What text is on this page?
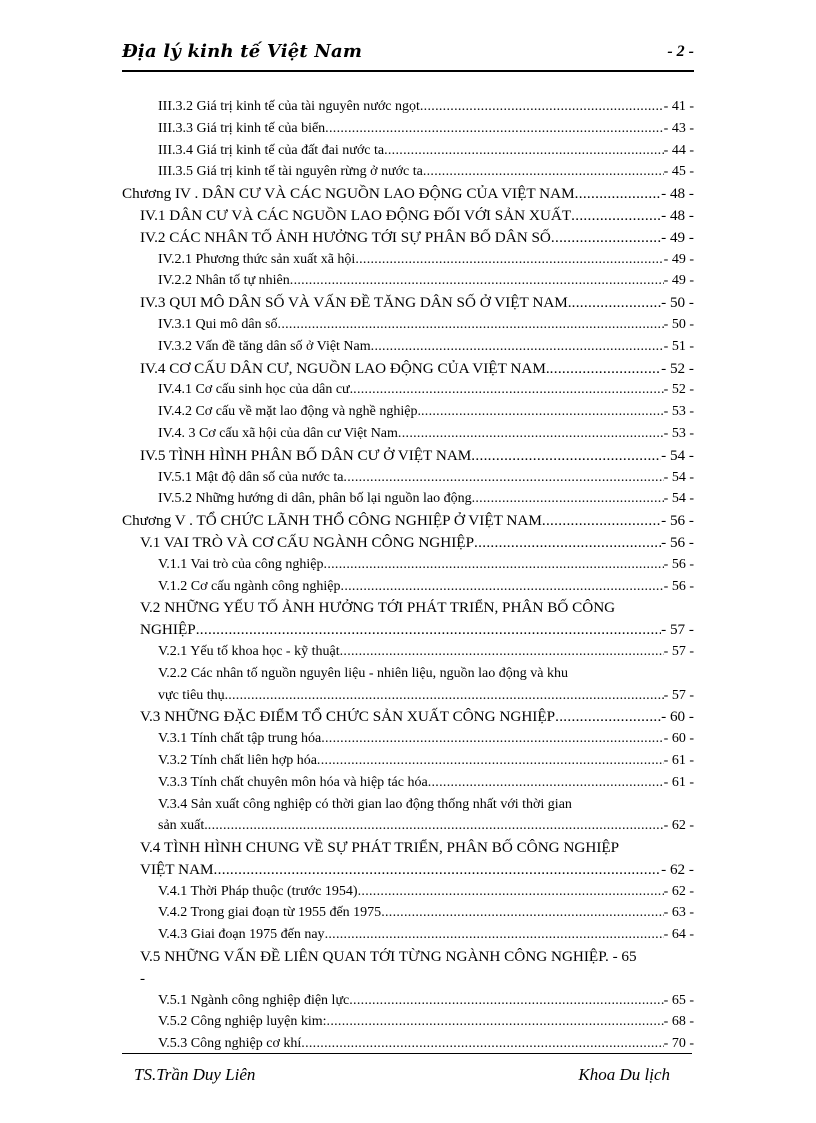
Địa lý kinh tế Việt Nam	- 2 -
III.3.2 Giá trị kinh tế của tài nguyên nước ngọt .....	- 41 -
III.3.3 Giá trị kinh tế của biển .....	- 43 -
III.3.4 Giá trị kinh tế của đất đai nước ta .....	- 44 -
III.3.5 Giá trị kinh tế tài nguyên rừng ở nước ta .....	- 45 -
Chương IV . DÂN CƯ VÀ CÁC NGUỒN LAO ĐỘNG CỦA VIỆT NAM .....	- 48 -
IV.1 DÂN CƯ VÀ CÁC NGUỒN LAO ĐỘNG ĐỐI VỚI SẢN XUẤT .....	- 48 -
IV.2 CÁC NHÂN TỐ ẢNH HƯỞNG TỚI SỰ PHÂN BỐ DÂN SỐ .....	- 49 -
IV.2.1 Phương thức sản xuất xã hội .....	- 49 -
IV.2.2 Nhân tố tự nhiên .....	- 49 -
IV.3 QUI MÔ DÂN SỐ VÀ VẤN ĐỀ TĂNG DÂN SỐ Ở VIỆT NAM. .....	- 50 -
IV.3.1 Qui mô dân số .....	- 50 -
IV.3.2 Vấn đề tăng dân số ở Việt Nam .....	- 51 -
IV.4 CƠ CẤU DÂN CƯ, NGUỒN LAO ĐỘNG CỦA VIỆT NAM. .....	- 52 -
IV.4.1 Cơ cấu sinh học của dân cư. .....	- 52 -
IV.4.2 Cơ cấu về mặt lao động và nghề nghiệp. .....	- 53 -
IV.4. 3 Cơ cấu xã hội của dân cư Việt Nam .....	- 53 -
IV.5 TÌNH HÌNH PHÂN BỐ DÂN CƯ Ở VIỆT NAM .....	- 54 -
IV.5.1 Mật độ dân số của nước ta .....	- 54 -
IV.5.2 Những hướng di dân, phân bố lại nguồn lao động .....	- 54 -
Chương V . TỔ CHỨC LÃNH THỔ CÔNG NGHIỆP Ở VIỆT NAM .....	- 56 -
V.1 VAI TRÒ VÀ CƠ CẤU NGÀNH CÔNG NGHIỆP .....	- 56 -
V.1.1 Vai trò của công nghiệp .....	- 56 -
V.1.2 Cơ cấu ngành công nghiệp .....	- 56 -
V.2 NHỮNG YẾU TỐ ẢNH HƯỞNG TỚI PHÁT TRIỂN, PHÂN BỐ CÔNG
NGHIỆP .....	- 57 -
V.2.1 Yếu tố khoa học - kỹ thuật .....	- 57 -
V.2.2 Các nhân tố nguồn nguyên liệu - nhiên liệu, nguồn lao động và khu
vực tiêu thụ. .....	- 57 -
V.3 NHỮNG ĐẶC ĐIỂM TỔ CHỨC SẢN XUẤT CÔNG NGHIỆP .....	- 60 -
V.3.1 Tính chất tập trung hóa .....	- 60 -
V.3.2 Tính chất liên hợp hóa .....	- 61 -
V.3.3 Tính chất chuyên môn hóa và hiệp tác hóa .....	- 61 -
V.3.4 Sản xuất công nghiệp có thời gian lao động thống nhất với thời gian
sản xuất. .....	- 62 -
V.4 TÌNH HÌNH CHUNG VỀ SỰ PHÁT TRIỂN, PHÂN BỐ CÔNG NGHIỆP
VIỆT NAM .....	- 62 -
V.4.1 Thời Pháp thuộc (trước 1954) .....	- 62 -
V.4.2 Trong giai đoạn từ 1955 đến 1975 .....	- 63 -
V.4.3 Giai đoạn 1975 đến nay .....	- 64 -
V.5 NHỮNG VẤN ĐỀ LIÊN QUAN TỚI TỪNG NGÀNH CÔNG NGHIỆP. - 65
-
V.5.1 Ngành công nghiệp điện lực .....	- 65 -
V.5.2 Công nghiệp luyện kim: .....	- 68 -
V.5.3 Công nghiệp cơ khí .....	- 70 -
TS.Trần Duy Liên	Khoa Du lịch
